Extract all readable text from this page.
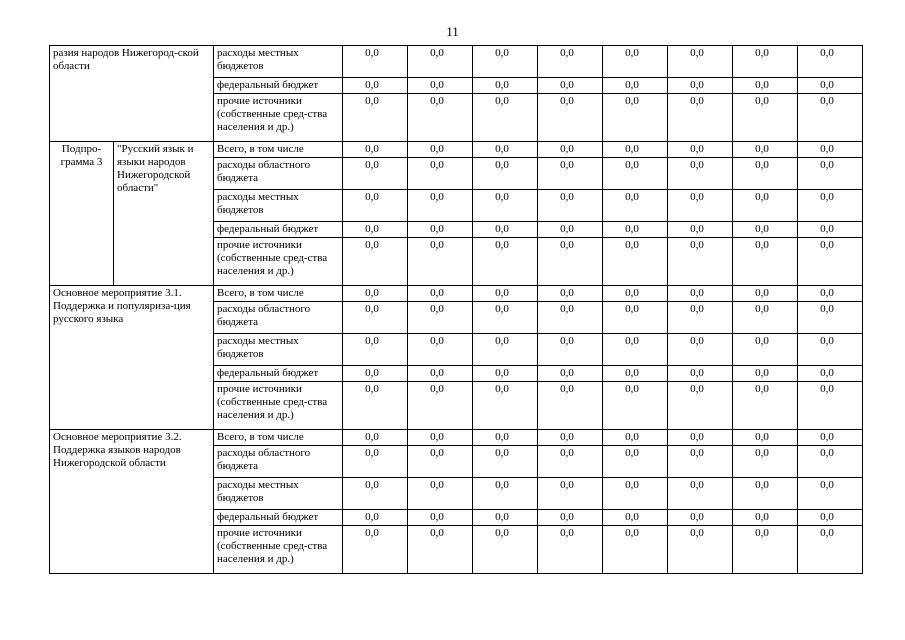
11
разия народов Нижегород-ской области		расходы местных бюджетов	0,0	0,0	0,0	0,0	0,0	0,0	0,0	0,0
		федеральный бюджет	0,0	0,0	0,0	0,0	0,0	0,0	0,0	0,0
		прочие источники (собственные сред-ства населения и др.)	0,0	0,0	0,0	0,0	0,0	0,0	0,0	0,0
Подпро-грамма 3	"Русский язык и языки народов Нижегородской области"	Всего, в том числе	0,0	0,0	0,0	0,0	0,0	0,0	0,0	0,0
		расходы областного бюджета	0,0	0,0	0,0	0,0	0,0	0,0	0,0	0,0
		расходы местных бюджетов	0,0	0,0	0,0	0,0	0,0	0,0	0,0	0,0
		федеральный бюджет	0,0	0,0	0,0	0,0	0,0	0,0	0,0	0,0
		прочие источники (собственные сред-ства населения и др.)	0,0	0,0	0,0	0,0	0,0	0,0	0,0	0,0
Основное мероприятие 3.1. Поддержка и популяриза-ция русского языка		Всего, в том числе	0,0	0,0	0,0	0,0	0,0	0,0	0,0	0,0
		расходы областного бюджета	0,0	0,0	0,0	0,0	0,0	0,0	0,0	0,0
		расходы местных бюджетов	0,0	0,0	0,0	0,0	0,0	0,0	0,0	0,0
		федеральный бюджет	0,0	0,0	0,0	0,0	0,0	0,0	0,0	0,0
		прочие источники (собственные сред-ства населения и др.)	0,0	0,0	0,0	0,0	0,0	0,0	0,0	0,0
Основное мероприятие 3.2. Поддержка языков народов Нижегородской области		Всего, в том числе	0,0	0,0	0,0	0,0	0,0	0,0	0,0	0,0
		расходы областного бюджета	0,0	0,0	0,0	0,0	0,0	0,0	0,0	0,0
		расходы местных бюджетов	0,0	0,0	0,0	0,0	0,0	0,0	0,0	0,0
		федеральный бюджет	0,0	0,0	0,0	0,0	0,0	0,0	0,0	0,0
		прочие источники (собственные сред-ства населения и др.)	0,0	0,0	0,0	0,0	0,0	0,0	0,0	0,0
